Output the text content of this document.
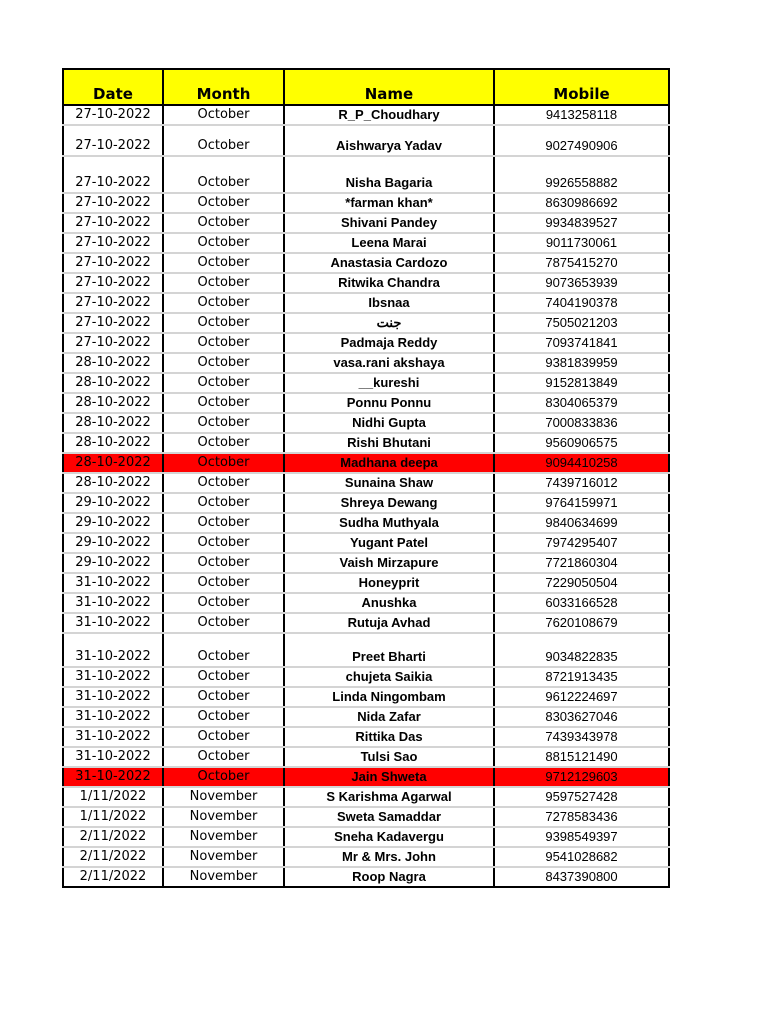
Date	Month	Name	Mobile
27-10-2022	October	R_P_Choudhary	9413258118
27-10-2022	October	Aishwarya Yadav	9027490906
27-10-2022	October	Nisha Bagaria	9926558882
27-10-2022	October	*farman khan*	8630986692
27-10-2022	October	Shivani Pandey	9934839527
27-10-2022	October	Leena Marai	9011730061
27-10-2022	October	Anastasia Cardozo	7875415270
27-10-2022	October	Ritwika Chandra	9073653939
27-10-2022	October	Ibsnaa	7404190378
27-10-2022	October	جنت	7505021203
27-10-2022	October	Padmaja Reddy	7093741841
28-10-2022	October	vasa.rani akshaya	9381839959
28-10-2022	October	__kureshi	9152813849
28-10-2022	October	Ponnu Ponnu	8304065379
28-10-2022	October	Nidhi Gupta	7000833836
28-10-2022	October	Rishi Bhutani	9560906575
28-10-2022	October	Madhana deepa	9094410258
28-10-2022	October	Sunaina Shaw	7439716012
29-10-2022	October	Shreya Dewang	9764159971
29-10-2022	October	Sudha Muthyala	9840634699
29-10-2022	October	Yugant Patel	7974295407
29-10-2022	October	Vaish Mirzapure	7721860304
31-10-2022	October	Honeyprit	7229050504
31-10-2022	October	Anushka	6033166528
31-10-2022	October	Rutuja Avhad	7620108679
31-10-2022	October	Preet Bharti	9034822835
31-10-2022	October	chujeta Saikia	8721913435
31-10-2022	October	Linda Ningombam	9612224697
31-10-2022	October	Nida Zafar	8303627046
31-10-2022	October	Rittika Das	7439343978
31-10-2022	October	Tulsi Sao	8815121490
31-10-2022	October	Jain Shweta	9712129603
1/11/2022	November	S Karishma Agarwal	9597527428
1/11/2022	November	Sweta Samaddar	7278583436
2/11/2022	November	Sneha Kadavergu	9398549397
2/11/2022	November	Mr & Mrs. John	9541028682
2/11/2022	November	Roop Nagra	8437390800
